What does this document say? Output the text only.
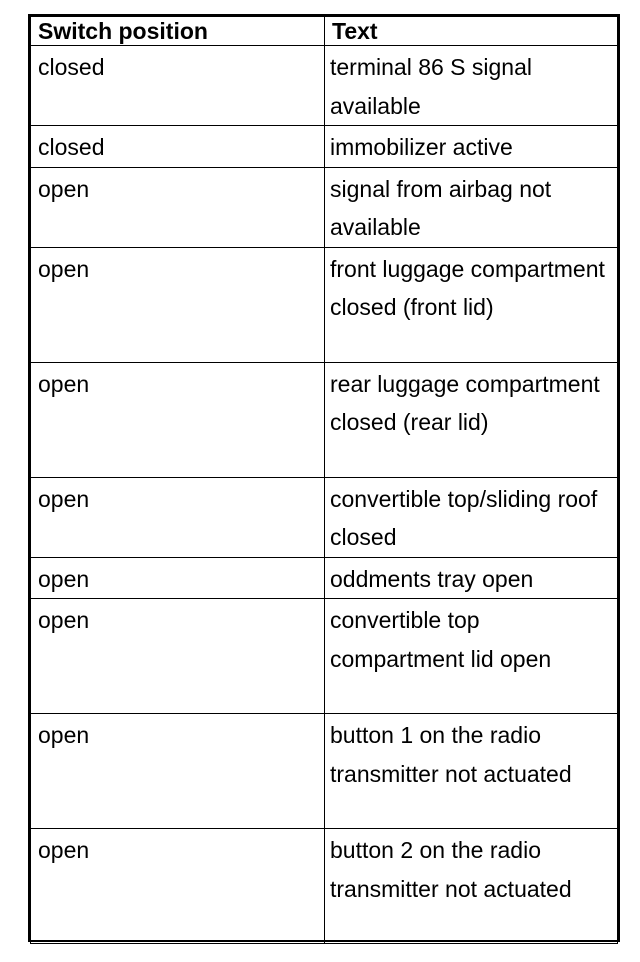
Switch position	Text
closed	terminal 86 S signal available
closed	immobilizer active
open	signal from airbag not available
open	front luggage compartment closed (front lid)
open	rear luggage compartment closed (rear lid)
open	convertible top/sliding roof closed
open	oddments tray open
open	convertible top compartment lid open
open	button 1 on the radio transmitter not actuated
open	button 2 on the radio transmitter not actuated
